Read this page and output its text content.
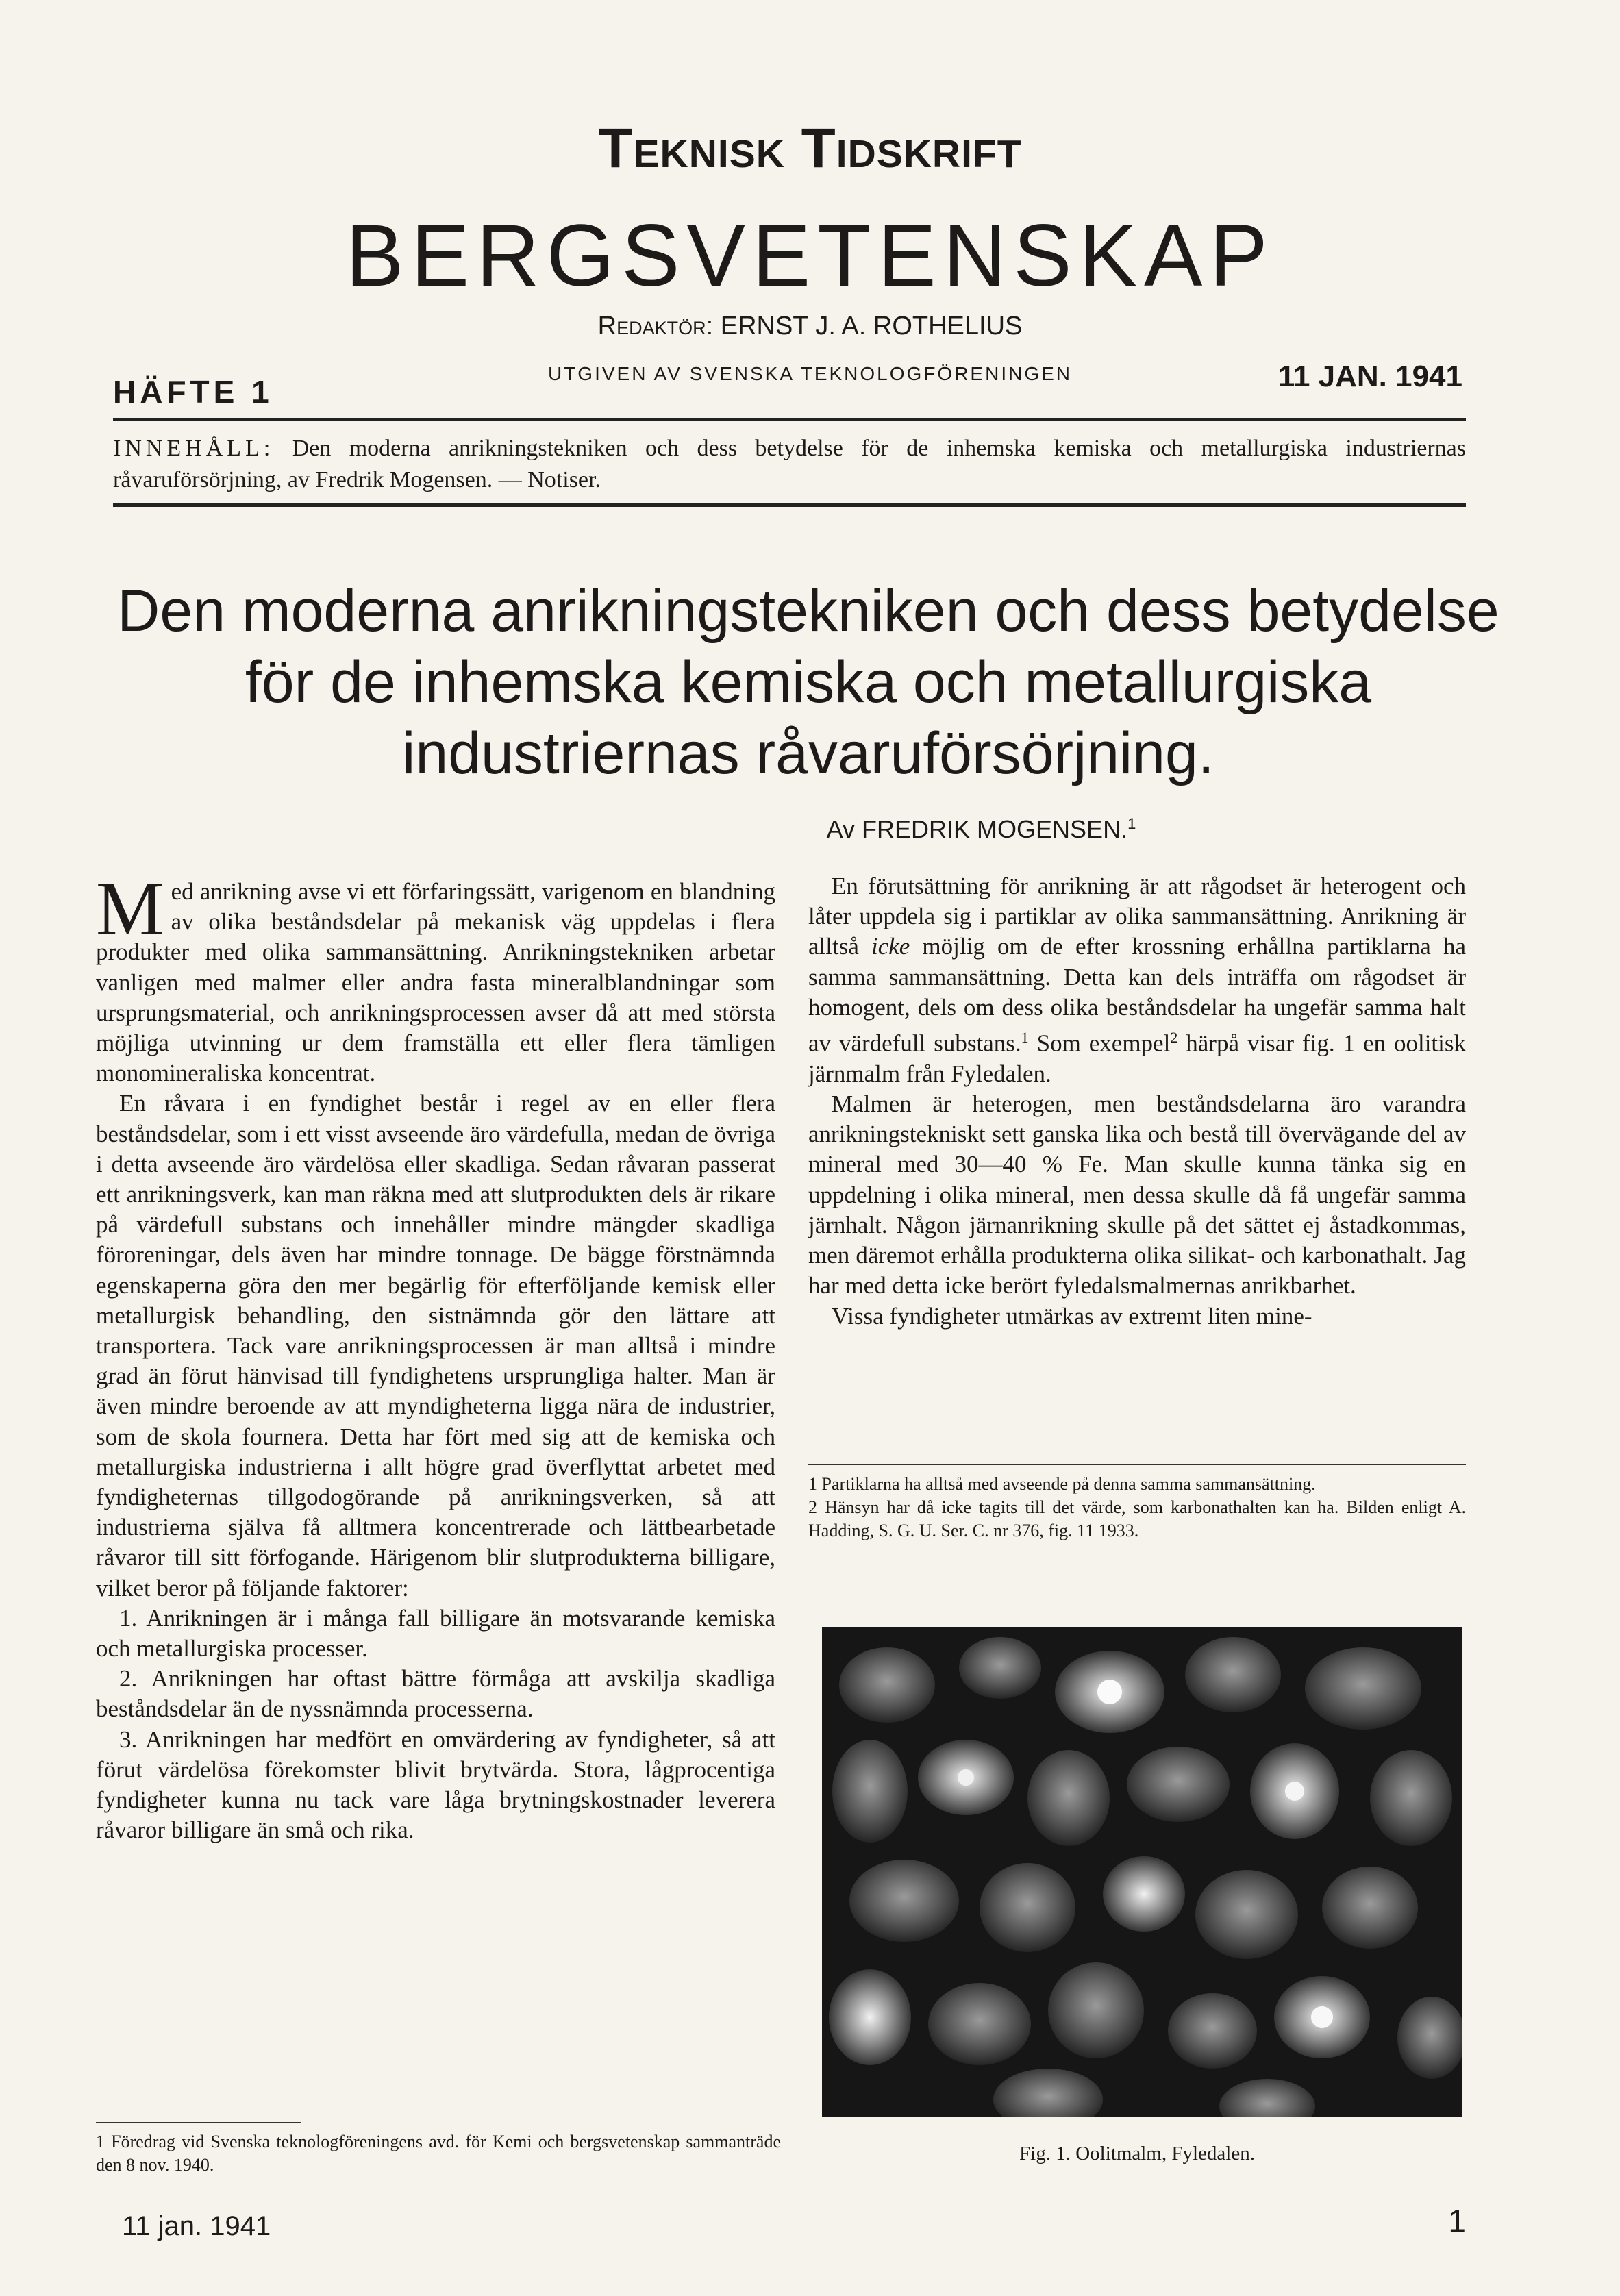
Teknisk Tidskrift
BERGSVETENSKAP
Redaktör: ERNST J. A. ROTHELIUS
HÄFTE 1
UTGIVEN AV SVENSKA TEKNOLOGFÖRENINGEN	11 JAN. 1941
INNEHÅLL: Den moderna anrikningstekniken och dess betydelse för de inhemska kemiska och metallurgiska industriernas råvaruförsörjning, av Fredrik Mogensen. — Notiser.
Den moderna anrikningstekniken och dess betydelse
för de inhemska kemiska och metallurgiska
industriernas råvaruförsörjning.
Av FREDRIK MOGENSEN.$^1$

Med anrikning avse vi ett förfaringssätt, varigenom en blandning av olika beståndsdelar på mekanisk väg uppdelas i flera produkter med olika sammansättning. Anrikningstekniken arbetar vanligen med malmer eller andra fasta mineralblandningar som ursprungsmaterial, och anrikningsprocessen avser då att med största möjliga utvinning ur dem framställa ett eller flera tämligen monomineraliska koncentrat.

En råvara i en fyndighet består i regel av en eller flera beståndsdelar, som i ett visst avseende äro värdefulla, medan de övriga i detta avseende äro värdelösa eller skadliga. Sedan råvaran passerat ett anrikningsverk, kan man räkna med att slutprodukten dels är rikare på värdefull substans och innehåller mindre mängder skadliga föroreningar, dels även har mindre tonnage. De bägge förstnämnda egenskaperna göra den mer begärlig för efterföljande kemisk eller metallurgisk behandling, den sistnämnda gör den lättare att transportera. Tack vare anrikningsprocessen är man alltså i mindre grad än förut hänvisad till fyndighetens ursprungliga halter. Man är även mindre beroende av att myndigheterna ligga nära de industrier, som de skola fournera. Detta har fört med sig att de kemiska och metallurgiska industrierna i allt högre grad överflyttat arbetet med fyndigheternas tillgodogörande på anrikningsverken, så att industrierna själva få alltmera koncentrerade och lättbearbetade råvaror till sitt förfogande. Härigenom blir slutprodukterna billigare, vilket beror på följande faktorer:

1. Anrikningen är i många fall billigare än motsvarande kemiska och metallurgiska processer.

2. Anrikningen har oftast bättre förmåga att avskilja skadliga beståndsdelar än de nyssnämnda processerna.

3. Anrikningen har medfört en omvärdering av fyndigheter, så att förut värdelösa förekomster blivit brytvärda. Stora, lågprocentiga fyndigheter kunna nu tack vare låga brytningskostnader leverera råvaror billigare än små och rika.

En förutsättning för anrikning är att rågodset är heterogent och låter uppdela sig i partiklar av olika sammansättning. Anrikning är alltså icke möjlig om de efter krossning erhållna partiklarna ha samma sammansättning. Detta kan dels inträffa om rågodset är homogent, dels om dess olika beståndsdelar ha ungefär samma halt av värdefull substans.$^1$ Som exempel$^2$ härpå visar fig. 1 en oolitisk järnmalm från Fyledalen.

Malmen är heterogen, men beståndsdelarna äro varandra anrikningstekniskt sett ganska lika och bestå till övervägande del av mineral med 30—40 % Fe. Man skulle kunna tänka sig en uppdelning i olika mineral, men dessa skulle då få ungefär samma järnhalt. Någon järnanrikning skulle på det sättet ej åstadkommas, men däremot erhålla produkterna olika silikat- och karbonathalt. Jag har med detta icke berört fyledalsmalmernas anrikbarhet.

Vissa fyndigheter utmärkas av extremt liten mine-

1 Partiklarna ha alltså med avseende på denna samma sammansättning.

2 Hänsyn har då icke tagits till det värde, som karbonathalten kan ha. Bilden enligt A. Hadding, S. G. U. Ser. C. nr 376, fig. 11 1933.

Fig. 1. Oolitmalm, Fyledalen.
1 Föredrag vid Svenska teknologföreningens avd. för Kemi och bergsvetenskap sammanträde den 8 nov. 1940.
11 jan. 1941	1
